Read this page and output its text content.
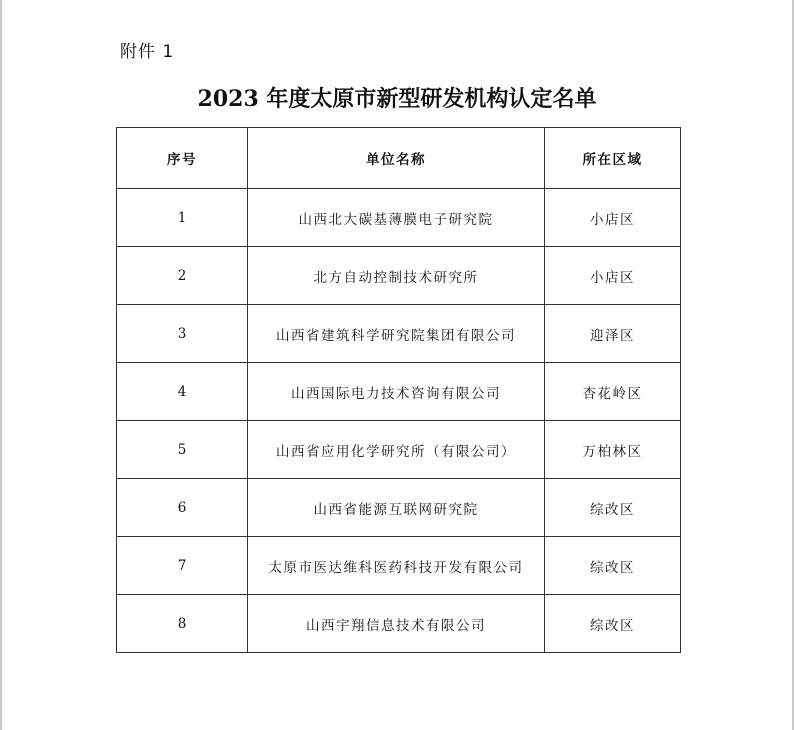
附件 1
2023 年度太原市新型研发机构认定名单
序号	单位名称	所在区域
1	山西北大碳基薄膜电子研究院	小店区
2	北方自动控制技术研究所	小店区
3	山西省建筑科学研究院集团有限公司	迎泽区
4	山西国际电力技术咨询有限公司	杏花岭区
5	山西省应用化学研究所（有限公司）	万柏林区
6	山西省能源互联网研究院	综改区
7	太原市医达维科医药科技开发有限公司	综改区
8	山西宇翔信息技术有限公司	综改区
